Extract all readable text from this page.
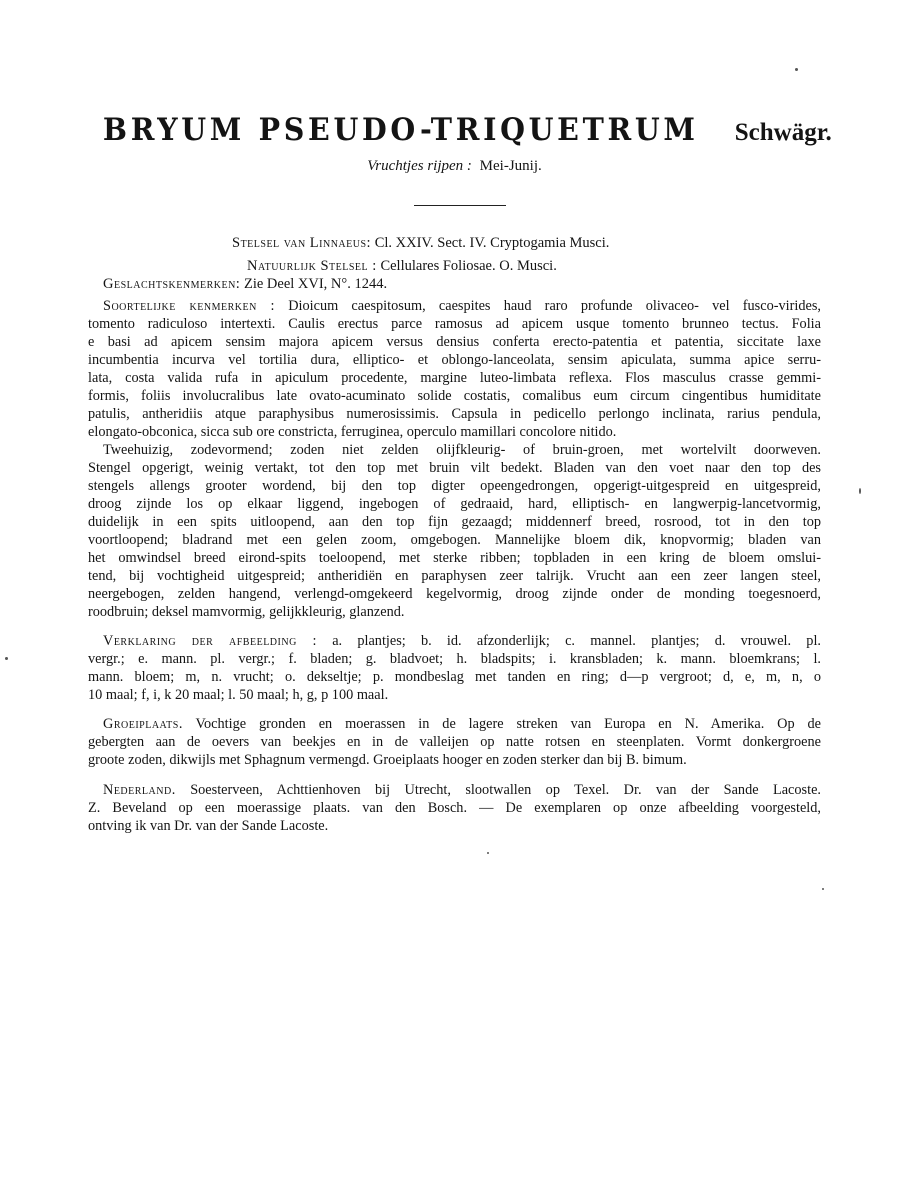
BRYUM PSEUDO-TRIQUETRUM Schwägr.
Vruchtjes rijpen : Mei-Junij.
Stelsel van Linnaeus: Cl. XXIV. Sect. IV. Cryptogamia Musci.
Natuurlijk Stelsel : Cellulares Foliosae. O. Musci.
Geslachtskenmerken: Zie Deel XVI, N°. 1244.
Soortelijke kenmerken : Dioicum caespitosum, caespites haud raro profunde olivaceo- vel fusco-virides,
tomento radiculoso intertexti. Caulis erectus parce ramosus ad apicem usque tomento brunneo tectus. Folia
e basi ad apicem sensim majora apicem versus densius conferta erecto-patentia et patentia, siccitate laxe
incumbentia incurva vel tortilia dura, elliptico- et oblongo-lanceolata, sensim apiculata, summa apice serru-
lata, costa valida rufa in apiculum procedente, margine luteo-limbata reflexa. Flos masculus crasse gemmi-
formis, foliis involucralibus late ovato-acuminato solide costatis, comalibus eum circum cingentibus humiditate
patulis, antheridiis atque paraphysibus numerosissimis. Capsula in pedicello perlongo inclinata, rarius pendula,
elongato-obconica, sicca sub ore constricta, ferruginea, operculo mamillari concolore nitido.
Tweehuizig, zodevormend; zoden niet zelden olijfkleurig- of bruin-groen, met wortelvilt doorweven.
Stengel opgerigt, weinig vertakt, tot den top met bruin vilt bedekt. Bladen van den voet naar den top des
stengels allengs grooter wordend, bij den top digter opeengedrongen, opgerigt-uitgespreid en uitgespreid,
droog zijnde los op elkaar liggend, ingebogen of gedraaid, hard, elliptisch- en langwerpig-lancetvormig,
duidelijk in een spits uitloopend, aan den top fijn gezaagd; middennerf breed, rosrood, tot in den top
voortloopend; bladrand met een gelen zoom, omgebogen. Mannelijke bloem dik, knopvormig; bladen van
het omwindsel breed eirond-spits toeloopend, met sterke ribben; topbladen in een kring de bloem omslui-
tend, bij vochtigheid uitgespreid; antheridiën en paraphysen zeer talrijk. Vrucht aan een zeer langen steel,
neergebogen, zelden hangend, verlengd-omgekeerd kegelvormig, droog zijnde onder de monding toegesnoerd,
roodbruin; deksel mamvormig, gelijkkleurig, glanzend.
Verklaring der afbeelding : a. plantjes; b. id. afzonderlijk; c. mannel. plantjes; d. vrouwel. pl.
vergr.; e. mann. pl. vergr.; f. bladen; g. bladvoet; h. bladspits; i. kransbladen; k. mann. bloemkrans; l.
mann. bloem; m, n. vrucht; o. dekseltje; p. mondbeslag met tanden en ring; d—p vergroot; d, e, m, n, o
10 maal; f, i, k 20 maal; l. 50 maal; h, g, p 100 maal.
Groeiplaats. Vochtige gronden en moerassen in de lagere streken van Europa en N. Amerika. Op de
gebergten aan de oevers van beekjes en in de valleijen op natte rotsen en steenplaten. Vormt donkergroene
groote zoden, dikwijls met Sphagnum vermengd. Groeiplaats hooger en zoden sterker dan bij B. bimum.
Nederland. Soesterveen, Achttienhoven bij Utrecht, slootwallen op Texel. Dr. van der Sande Lacoste.
Z. Beveland op een moerassige plaats. van den Bosch. — De exemplaren op onze afbeelding voorgesteld,
ontving ik van Dr. van der Sande Lacoste.
